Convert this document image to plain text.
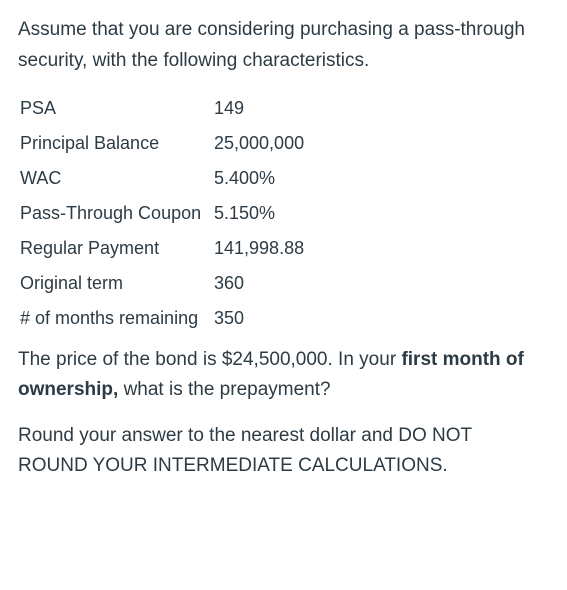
Assume that you are considering purchasing a pass-through security, with the following characteristics.

PSA	149
Principal Balance	25,000,000
WAC	5.400%
Pass-Through Coupon	5.150%
Regular Payment	141,998.88
Original term	360
# of months remaining	350

The price of the bond is $24,500,000. In your first month of ownership, what is the prepayment?

Round your answer to the nearest dollar and DO NOT ROUND YOUR INTERMEDIATE CALCULATIONS.
